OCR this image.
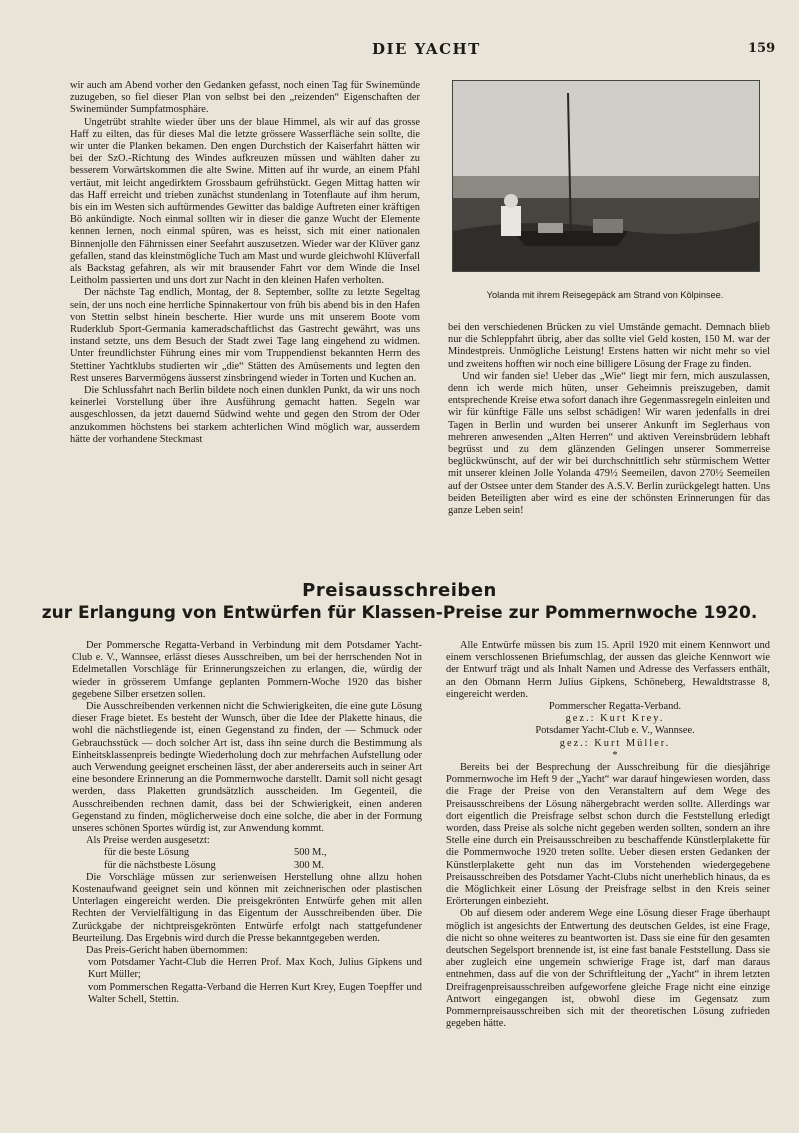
DIE YACHT	159

wir auch am Abend vorher den Gedanken gefasst, noch einen Tag für Swinemünde zuzugeben, so fiel dieser Plan von selbst bei den „reizenden“ Eigenschaften der Swinemünder Sumpfatmosphäre.

Ungetrübt strahlte wieder über uns der blaue Himmel, als wir auf das grosse Haff zu eilten, das für dieses Mal die letzte grössere Wasserfläche sein sollte, die wir unter die Planken bekamen. Den engen Durchstich der Kaiserfahrt hätten wir bei der SzO.-Richtung des Windes aufkreuzen müssen und wählten daher zu besserem Vorwärtskommen die alte Swine. Mitten auf ihr wurde, an einem Pfahl vertäut, mit leicht angedirktem Grossbaum gefrühstückt. Gegen Mittag hatten wir das Haff erreicht und trieben zunächst stundenlang in Totenflaute auf ihm herum, bis ein im Westen sich auftürmendes Gewitter das baldige Auftreten einer kräftigen Bö ankündigte. Noch einmal sollten wir in dieser die ganze Wucht der Elemente kennen lernen, noch einmal spüren, was es heisst, sich mit einer nationalen Binnenjolle den Fährnissen einer Seefahrt auszusetzen. Wieder war der Klüver ganz gefallen, stand das kleinstmögliche Tuch am Mast und wurde gleichwohl Klüverfall als Backstag gefahren, als wir mit brausender Fahrt vor dem Winde die Insel Leitholm passierten und uns dort zur Nacht in den kleinen Hafen verholten.

Der nächste Tag endlich, Montag, der 8. September, sollte zu letzte Segeltag sein, der uns noch eine herrliche Spinnakertour von früh bis abend bis in den Hafen von Stettin selbst hinein bescherte. Hier wurde uns mit unserem Boote vom Ruderklub Sport-Germania kameradschaftlichst das Gastrecht gewährt, was uns instand setzte, uns dem Besuch der Stadt zwei Tage lang eingehend zu widmen. Unter freundlichster Führung eines mir vom Truppendienst bekannten Herrn des Stettiner Yachtklubs studierten wir „die“ Stätten des Amüsements und legten den Rest unseres Barvermögens äusserst zinsbringend wieder in Torten und Kuchen an.

Die Schlussfahrt nach Berlin bildete noch einen dunklen Punkt, da wir uns noch keinerlei Vorstellung über ihre Ausführung gemacht hatten. Segeln war ausgeschlossen, da jetzt dauernd Südwind wehte und gegen den Strom der Oder anzukommen höchstens bei starkem achterlichen Wind möglich war, ausserdem hätte der vorhandene Steckmast

Yolanda mit ihrem Reisegepäck am Strand von Kölpinsee.

bei den verschiedenen Brücken zu viel Umstände gemacht. Demnach blieb nur die Schleppfahrt übrig, aber das sollte viel Geld kosten, 150 M. war der Mindestpreis. Unmögliche Leistung! Erstens hatten wir nicht mehr so viel und zweitens hofften wir noch eine billigere Lösung der Frage zu finden.

Und wir fanden sie! Ueber das „Wie“ liegt mir fern, mich auszulassen, denn ich werde mich hüten, unser Geheimnis preiszugeben, damit entsprechende Kreise etwa sofort danach ihre Gegenmassregeln einleiten und wir für künftige Fälle uns selbst schädigen! Wir waren jedenfalls in drei Tagen in Berlin und wurden bei unserer Ankunft im Seglerhaus von mehreren anwesenden „Alten Herren“ und aktiven Vereinsbrüdern lebhaft begrüsst und zu dem glänzenden Gelingen unserer Sommerreise beglückwünscht, auf der wir bei durchschnittlich sehr stürmischem Wetter mit unserer kleinen Jolle Yolanda 479½ Seemeilen, davon 270½ Seemeilen auf der Ostsee unter dem Stander des A.S.V. Berlin zurückgelegt hatten. Uns beiden Beteiligten aber wird es eine der schönsten Erinnerungen für das ganze Leben sein!

Preisausschreiben
zur Erlangung von Entwürfen für Klassen-Preise zur Pommernwoche 1920.

Der Pommersche Regatta-Verband in Verbindung mit dem Potsdamer Yacht-Club e. V., Wannsee, erlässt dieses Ausschreiben, um bei der herrschenden Not in Edelmetallen Vorschläge für Erinnerungszeichen zu erlangen, die, würdig der wieder in grösserem Umfange geplanten Pommern-Woche 1920 das bisher gegebene Silber ersetzen sollen.

Die Ausschreibenden verkennen nicht die Schwierigkeiten, die eine gute Lösung dieser Frage bietet. Es besteht der Wunsch, über die Idee der Plakette hinaus, die wohl die nächstliegende ist, einen Gegenstand zu finden, der — Schmuck oder Gebrauchsstück — doch solcher Art ist, dass ihn seine durch die Bestimmung als Einheitsklassenpreis bedingte Wiederholung doch zur mehrfachen Aufstellung oder auch Verwendung geeignet erscheinen lässt, der aber andererseits auch in seiner Art eine besondere Erinnerung an die Pommernwoche darstellt. Damit soll nicht gesagt werden, dass Plaketten grundsätzlich ausscheiden. Im Gegenteil, die Ausschreibenden rechnen damit, dass bei der Schwierigkeit, einen anderen Gegenstand zu finden, möglicherweise doch eine solche, die aber in der Formung unseres schönen Sportes würdig ist, zur Anwendung kommt.

Als Preise werden ausgesetzt:

für die beste Lösung	500 M.,
für die nächstbeste Lösung	300 M.

Die Vorschläge müssen zur serienweisen Herstellung ohne allzu hohen Kostenaufwand geeignet sein und können mit zeichnerischen oder plastischen Unterlagen eingereicht werden. Die preisgekrönten Entwürfe gehen mit allen Rechten der Vervielfältigung in das Eigentum der Ausschreibenden über. Die Zurückgabe der nichtpreisgekrönten Entwürfe erfolgt nach stattgefundener Beurteilung. Das Ergebnis wird durch die Presse bekanntgegeben werden.

Das Preis-Gericht haben übernommen:

vom Potsdamer Yacht-Club die Herren Prof. Max Koch, Julius Gipkens und Kurt Müller;

vom Pommerschen Regatta-Verband die Herren Kurt Krey, Eugen Toepffer und Walter Schell, Stettin.

Alle Entwürfe müssen bis zum 15. April 1920 mit einem Kennwort und einem verschlossenen Briefumschlag, der aussen das gleiche Kennwort wie der Entwurf trägt und als Inhalt Namen und Adresse des Verfassers enthält, an den Obmann Herrn Julius Gipkens, Schöneberg, Hewaldtstrasse 8, eingereicht werden.

Pommerscher Regatta-Verband.

gez.: Kurt Krey.

Potsdamer Yacht-Club e. V., Wannsee.

gez.: Kurt Müller.

*

Bereits bei der Besprechung der Ausschreibung für die diesjährige Pommernwoche im Heft 9 der „Yacht“ war darauf hingewiesen worden, dass die Frage der Preise von den Veranstaltern auf dem Wege des Preisausschreibens der Lösung nähergebracht werden sollte. Allerdings war dort eigentlich die Preisfrage selbst schon durch die Feststellung erledigt worden, dass Preise als solche nicht gegeben werden sollten, sondern an ihre Stelle eine durch ein Preisausschreiben zu beschaffende Künstlerplakette für die Pommernwoche 1920 treten sollte. Ueber diesen ersten Gedanken der Künstlerplakette geht nun das im Vorstehenden wiedergegebene Preisausschreiben des Potsdamer Yacht-Clubs nicht unerheblich hinaus, da es die Möglichkeit einer Lösung der Preisfrage selbst in den Kreis seiner Erörterungen einbezieht.

Ob auf diesem oder anderem Wege eine Lösung dieser Frage überhaupt möglich ist angesichts der Entwertung des deutschen Geldes, ist eine Frage, die nicht so ohne weiteres zu beantworten ist. Dass sie eine für den gesamten deutschen Segelsport brennende ist, ist eine fast banale Feststellung. Dass sie aber zugleich eine ungemein schwierige Frage ist, darf man daraus entnehmen, dass auf die von der Schriftleitung der „Yacht“ in ihrem letzten Dreifragenpreisausschreiben aufgeworfene gleiche Frage nicht eine einzige Antwort eingegangen ist, obwohl diese im Gegensatz zum Pommernpreisausschreiben sich mit der theoretischen Lösung zufrieden gegeben hätte.
